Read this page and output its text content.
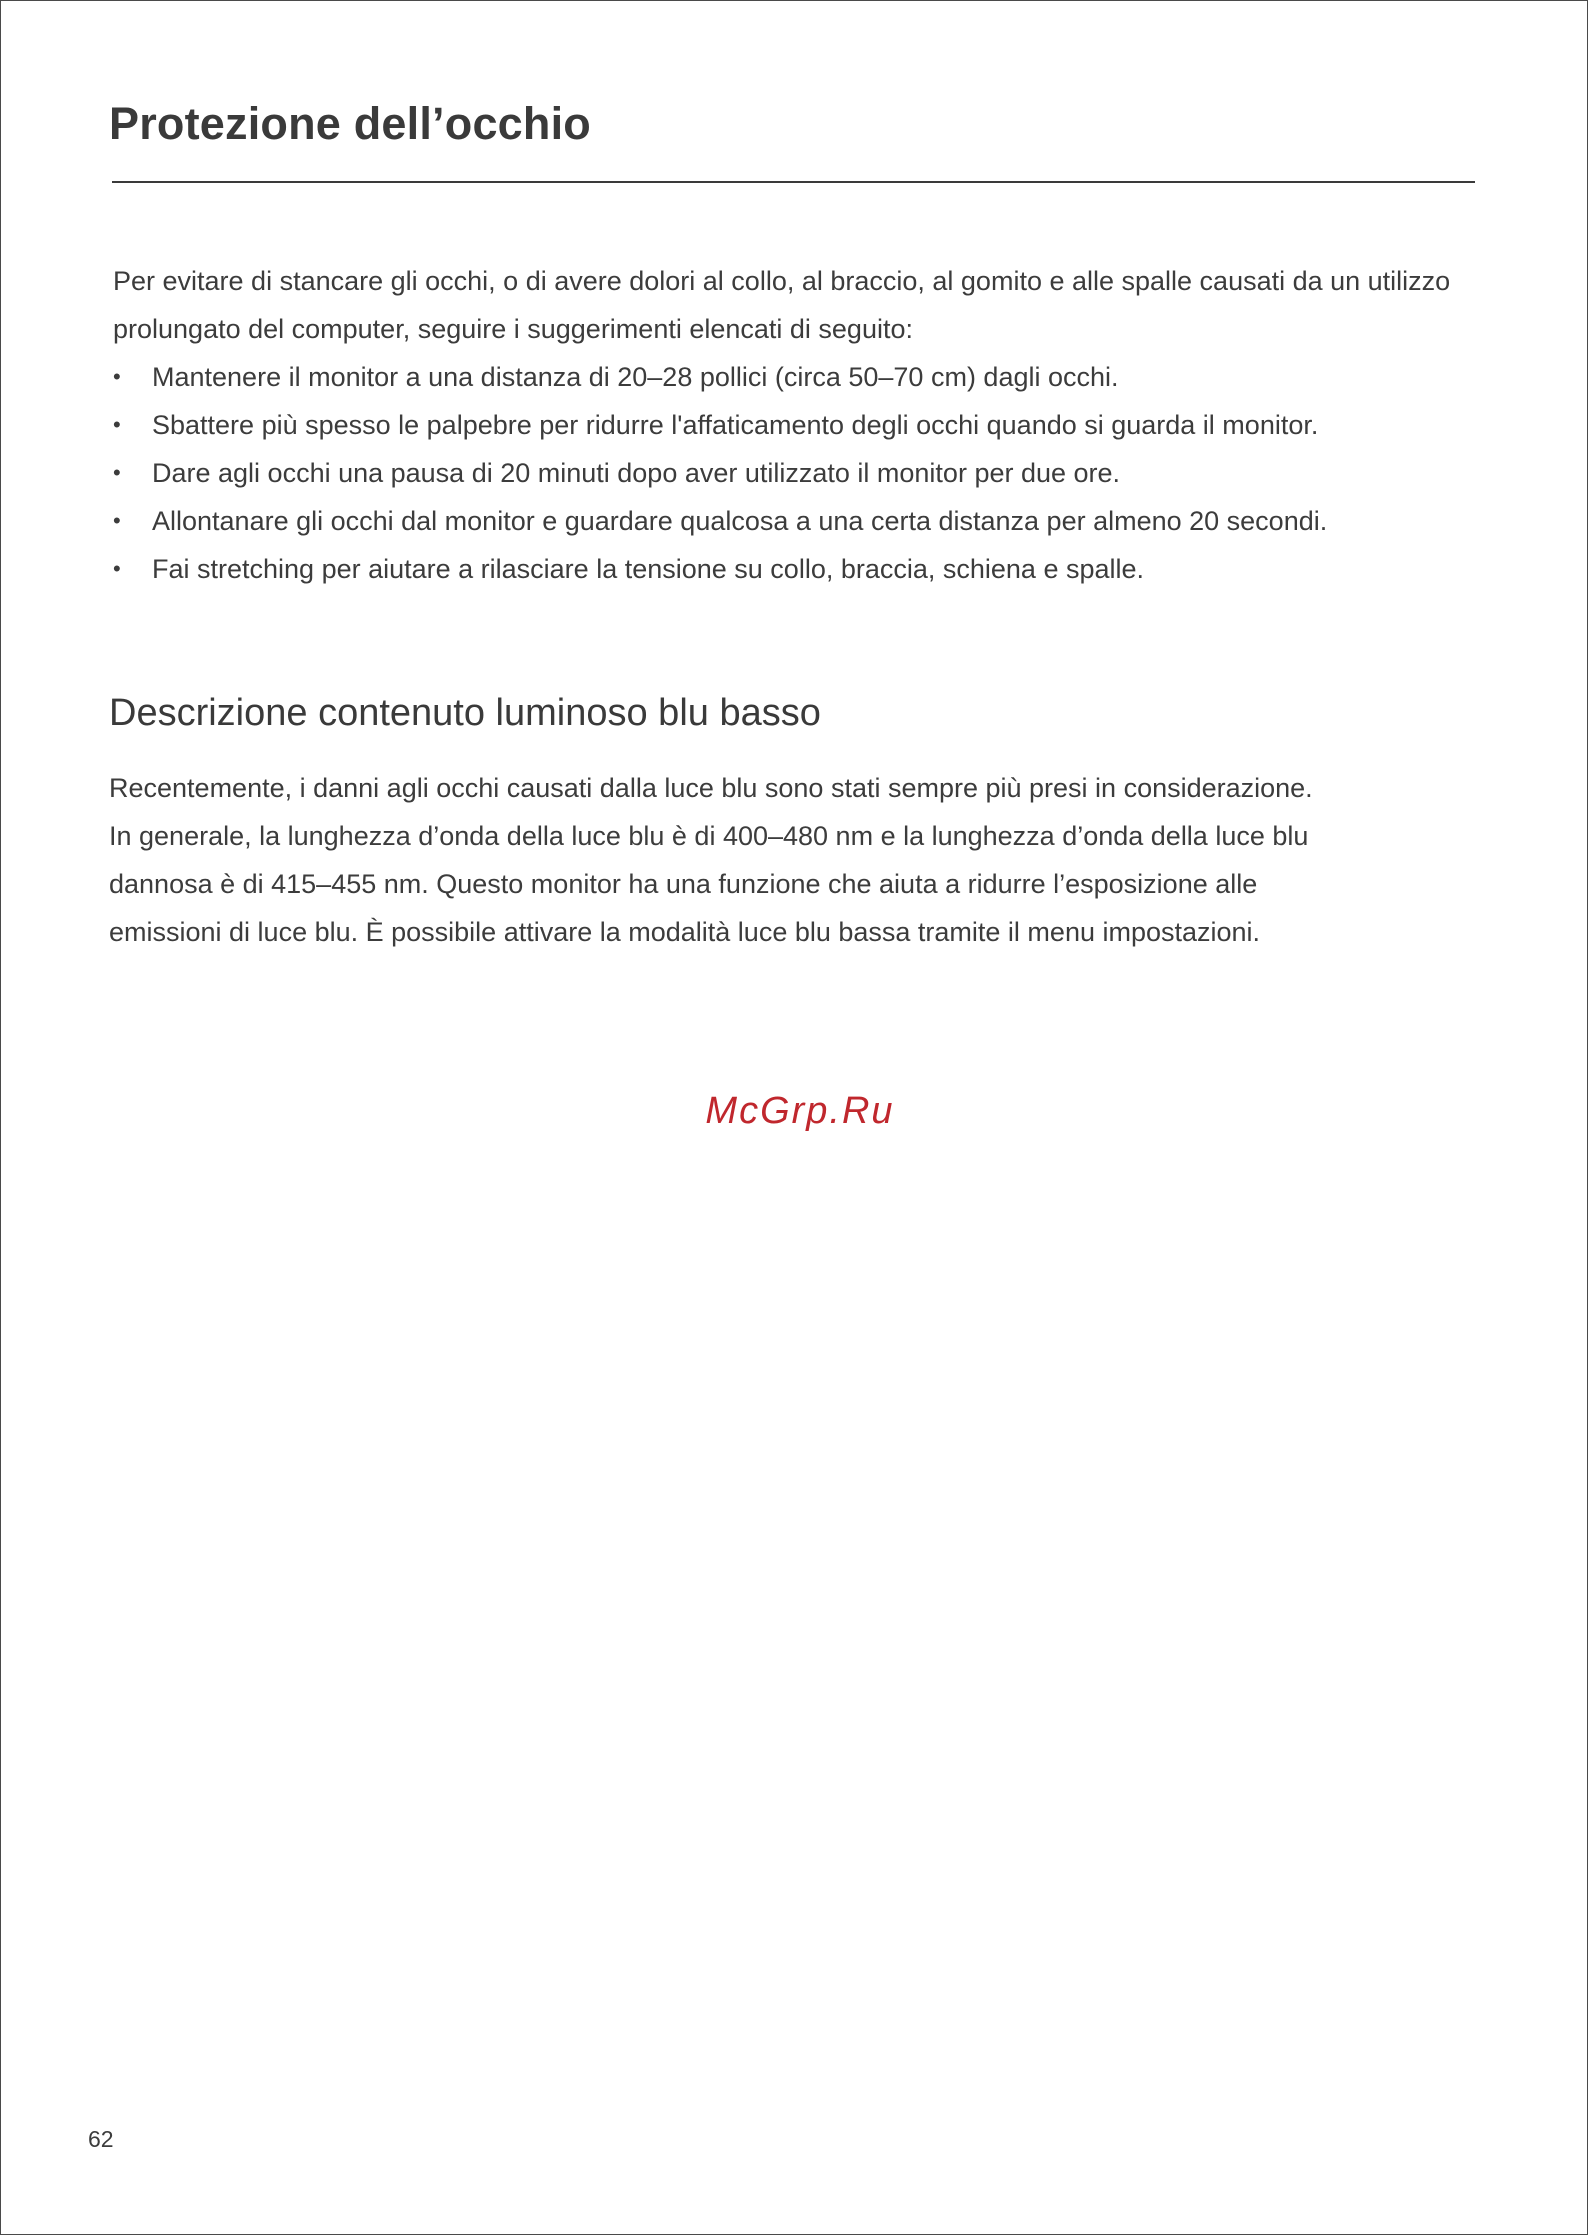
Protezione dell’occhio

Per evitare di stancare gli occhi, o di avere dolori al collo, al braccio, al gomito e alle spalle causati da un utilizzo prolungato del computer, seguire i suggerimenti elencati di seguito:

• Mantenere il monitor a una distanza di 20–28 pollici (circa 50–70 cm) dagli occhi.
• Sbattere più spesso le palpebre per ridurre l'affaticamento degli occhi quando si guarda il monitor.
• Dare agli occhi una pausa di 20 minuti dopo aver utilizzato il monitor per due ore.
• Allontanare gli occhi dal monitor e guardare qualcosa a una certa distanza per almeno 20 secondi.
• Fai stretching per aiutare a rilasciare la tensione su collo, braccia, schiena e spalle.
Descrizione contenuto luminoso blu basso

Recentemente, i danni agli occhi causati dalla luce blu sono stati sempre più presi in considerazione.
In generale, la lunghezza d’onda della luce blu è di 400–480 nm e la lunghezza d’onda della luce blu
dannosa è di 415–455 nm. Questo monitor ha una funzione che aiuta a ridurre l’esposizione alle
emissioni di luce blu. È possibile attivare la modalità luce blu bassa tramite il menu impostazioni.

McGrp.Ru
62
